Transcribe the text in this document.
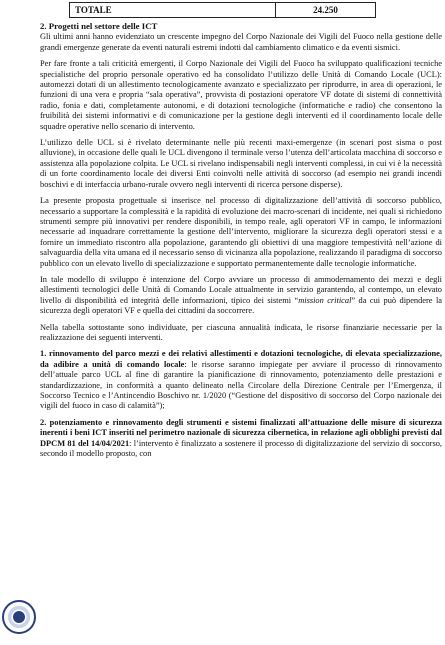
TOTALE	24.250
2. Progetti nel settore delle ICT

Gli ultimi anni hanno evidenziato un crescente impegno del Corpo Nazionale dei Vigili del Fuoco nella gestione delle grandi emergenze generate da eventi naturali estremi indotti dal cambiamento climatico e da eventi sismici.

Per fare fronte a tali criticità emergenti, il Corpo Nazionale dei Vigili del Fuoco ha sviluppato qualificazioni tecniche specialistiche del proprio personale operativo ed ha consolidato l’utilizzo delle Unità di Comando Locale (UCL): automezzi dotati di un allestimento tecnologicamente avanzato e specializzato per riprodurre, in area di operazioni, le funzioni di una vera e propria “sala operativa”, provvista di postazioni operatore VF dotate di sistemi di connettività radio, fonia e dati, completamente autonomi, e di dotazioni tecnologiche (informatiche e radio) che consentono la fruibilità dei sistemi informativi e di comunicazione per la gestione degli interventi ed il coordinamento locale delle squadre operative nello scenario di intervento.

L’utilizzo delle UCL si è rivelato determinante nelle più recenti maxi-emergenze (in scenari post sisma o post alluvione), in occasione delle quali le UCL divengono il terminale verso l’utenza dell’articolata macchina di soccorso e assistenza alla popolazione colpita. Le UCL si rivelano indispensabili negli interventi complessi, in cui vi è la necessità di un forte coordinamento locale dei diversi Enti coinvolti nelle attività di soccorso (ad esempio nei grandi incendi boschivi e di interfaccia urbano-rurale ovvero negli interventi di ricerca persone disperse).

La presente proposta progettuale si inserisce nel processo di digitalizzazione dell’attività di soccorso pubblico, necessario a supportare la complessità e la rapidità di evoluzione dei macro-scenari di incidente, nei quali si richiedono strumenti sempre più innovativi per rendere disponibili, in tempo reale, agli operatori VF in campo, le informazioni necessarie ad inquadrare correttamente la gestione dell’intervento, migliorare la sicurezza degli operatori stessi e a fornire un immediato riscontro alla popolazione, garantendo gli obiettivi di una maggiore tempestività nell’azione di salvaguardia della vita umana ed il necessario senso di vicinanza alla popolazione, realizzando il paradigma di soccorso pubblico con un elevato livello di specializzazione e supportato permanentemente dalle tecnologie informatiche.

In tale modello di sviluppo è intenzione del Corpo avviare un processo di ammodernamento dei mezzi e degli allestimenti tecnologici delle Unità di Comando Locale attualmente in servizio garantendo, al contempo, un elevato livello di disponibilità ed integrità delle informazioni, tipico dei sistemi “mission critical” da cui può dipendere la sicurezza degli operatori VF e quella dei cittadini da soccorrere.

Nella tabella sottostante sono individuate, per ciascuna annualità indicata, le risorse finanziarie necessarie per la realizzazione dei seguenti interventi.

1. rinnovamento del parco mezzi e dei relativi allestimenti e dotazioni tecnologiche, di elevata specializzazione, da adibire a unità di comando locale: le risorse saranno impiegate per avviare il processo di rinnovamento dell’attuale parco UCL al fine di garantire la pianificazione di rinnovamento, potenziamento delle prestazioni e standardizzazione, in conformità a quanto delineato nella Circolare della Direzione Centrale per l’Emergenza, il Soccorso Tecnico e l’Antincendio Boschivo nr. 1/2020 (“Gestione del dispositivo di soccorso del Corpo nazionale dei vigili del fuoco in caso di calamità”);

2. potenziamento e rinnovamento degli strumenti e sistemi finalizzati all’attuazione delle misure di sicurezza inerenti i beni ICT inseriti nel perimetro nazionale di sicurezza cibernetica, in relazione agli obblighi previsti dal DPCM 81 del 14/04/2021: l’intervento è finalizzato a sostenere il processo di digitalizzazione del servizio di soccorso, secondo il modello proposto, con
